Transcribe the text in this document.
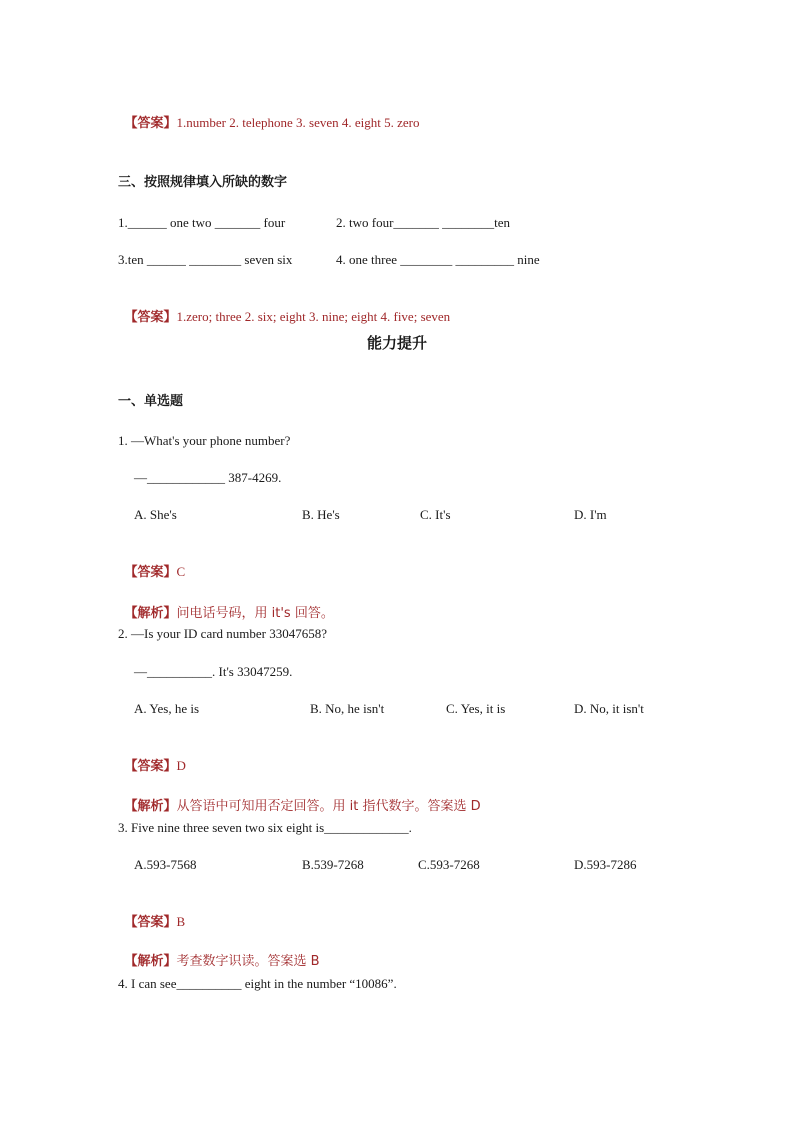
【答案】1.number 2. telephone 3. seven 4. eight 5. zero

三、按照规律填入所缺的数字
1.______ one two _______ four	2. two four_______ ________ten
3.ten ______ ________ seven six	4. one three ________ _________ nine

【答案】1.zero; three 2. six; eight 3. nine; eight 4. five; seven

能力提升
一、单选题
1. —What's your phone number?
—____________ 387-4269.
A. She's	B. He's	C. It's	D. I'm

【答案】C

【解析】问电话号码，用 it's 回答。

2. —Is your ID card number 33047658?
—__________. It's 33047259.
A. Yes, he is	B. No, he isn't	C. Yes, it is	D. No, it isn't

【答案】D

【解析】从答语中可知用否定回答。用 it 指代数字。答案选 D

3. Five nine three seven two six eight is_____________.
A.593-7568	B.539-7268	C.593-7268	D.593-7286

【答案】B

【解析】考查数字识读。答案选 B

4. I can see__________ eight in the number “10086”.
